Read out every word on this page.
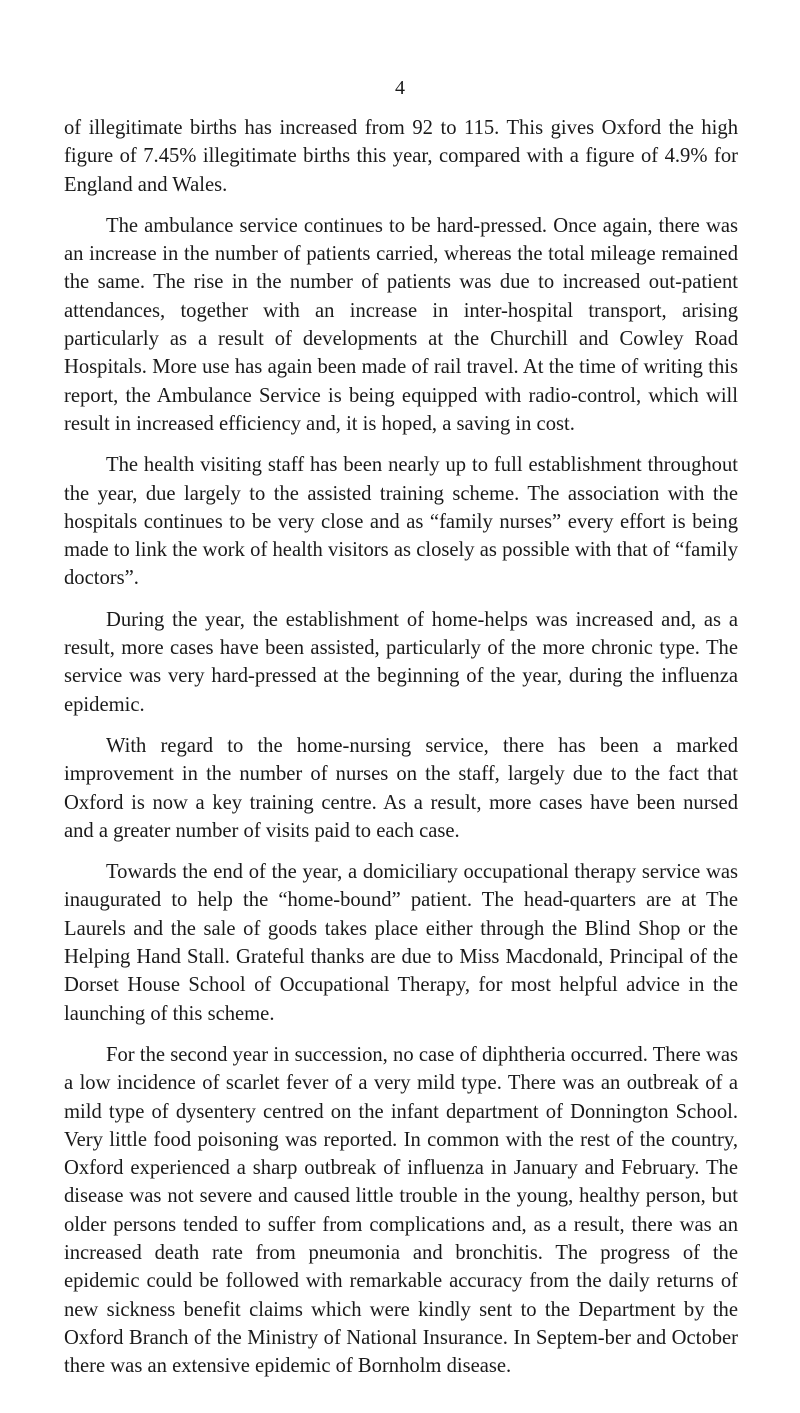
4

of illegitimate births has increased from 92 to 115. This gives Oxford the high figure of 7.45% illegitimate births this year, compared with a figure of 4.9% for England and Wales.

The ambulance service continues to be hard-pressed. Once again, there was an increase in the number of patients carried, whereas the total mileage remained the same. The rise in the number of patients was due to increased out-patient attendances, together with an increase in inter-hospital transport, arising particularly as a result of developments at the Churchill and Cowley Road Hospitals. More use has again been made of rail travel. At the time of writing this report, the Ambulance Service is being equipped with radio-control, which will result in increased efficiency and, it is hoped, a saving in cost.

The health visiting staff has been nearly up to full establishment throughout the year, due largely to the assisted training scheme. The association with the hospitals continues to be very close and as “family nurses” every effort is being made to link the work of health visitors as closely as possible with that of “family doctors”.

During the year, the establishment of home-helps was increased and, as a result, more cases have been assisted, particularly of the more chronic type. The service was very hard-pressed at the beginning of the year, during the influenza epidemic.

With regard to the home-nursing service, there has been a marked improvement in the number of nurses on the staff, largely due to the fact that Oxford is now a key training centre. As a result, more cases have been nursed and a greater number of visits paid to each case.

Towards the end of the year, a domiciliary occupational therapy service was inaugurated to help the “home-bound” patient. The head-quarters are at The Laurels and the sale of goods takes place either through the Blind Shop or the Helping Hand Stall. Grateful thanks are due to Miss Macdonald, Principal of the Dorset House School of Occupational Therapy, for most helpful advice in the launching of this scheme.

For the second year in succession, no case of diphtheria occurred. There was a low incidence of scarlet fever of a very mild type. There was an outbreak of a mild type of dysentery centred on the infant department of Donnington School. Very little food poisoning was reported. In common with the rest of the country, Oxford experienced a sharp outbreak of influenza in January and February. The disease was not severe and caused little trouble in the young, healthy person, but older persons tended to suffer from complications and, as a result, there was an increased death rate from pneumonia and bronchitis. The progress of the epidemic could be followed with remarkable accuracy from the daily returns of new sickness benefit claims which were kindly sent to the Department by the Oxford Branch of the Ministry of National Insurance. In Septem-ber and October there was an extensive epidemic of Bornholm disease.
